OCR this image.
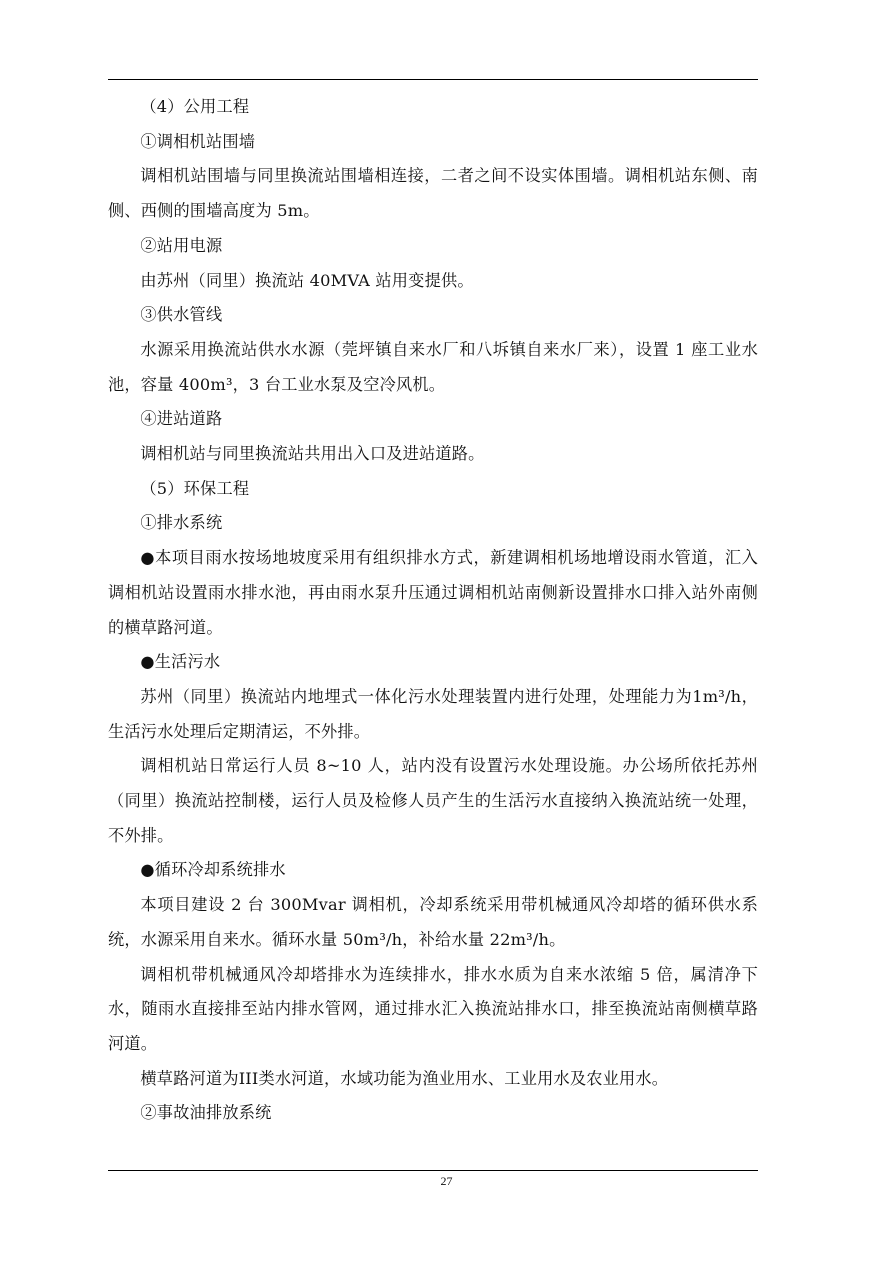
（4）公用工程

①调相机站围墙

调相机站围墙与同里换流站围墙相连接，二者之间不设实体围墙。调相机站东侧、南侧、西侧的围墙高度为 5m。

②站用电源

由苏州（同里）换流站 40MVA 站用变提供。

③供水管线

水源采用换流站供水水源（莞坪镇自来水厂和八坼镇自来水厂来），设置 1 座工业水池，容量 400m³，3 台工业水泵及空冷风机。

④进站道路

调相机站与同里换流站共用出入口及进站道路。

（5）环保工程

①排水系统

●本项目雨水按场地坡度采用有组织排水方式，新建调相机场地增设雨水管道，汇入调相机站设置雨水排水池，再由雨水泵升压通过调相机站南侧新设置排水口排入站外南侧的横草路河道。

●生活污水

苏州（同里）换流站内地埋式一体化污水处理装置内进行处理，处理能力为1m³/h，生活污水处理后定期清运，不外排。

调相机站日常运行人员 8~10 人，站内没有设置污水处理设施。办公场所依托苏州（同里）换流站控制楼，运行人员及检修人员产生的生活污水直接纳入换流站统一处理，不外排。

●循环冷却系统排水

本项目建设 2 台 300Mvar 调相机，冷却系统采用带机械通风冷却塔的循环供水系统，水源采用自来水。循环水量 50m³/h，补给水量 22m³/h。

调相机带机械通风冷却塔排水为连续排水，排水水质为自来水浓缩 5 倍，属清净下水，随雨水直接排至站内排水管网，通过排水汇入换流站排水口，排至换流站南侧横草路河道。

横草路河道为III类水河道，水域功能为渔业用水、工业用水及农业用水。

②事故油排放系统

27
